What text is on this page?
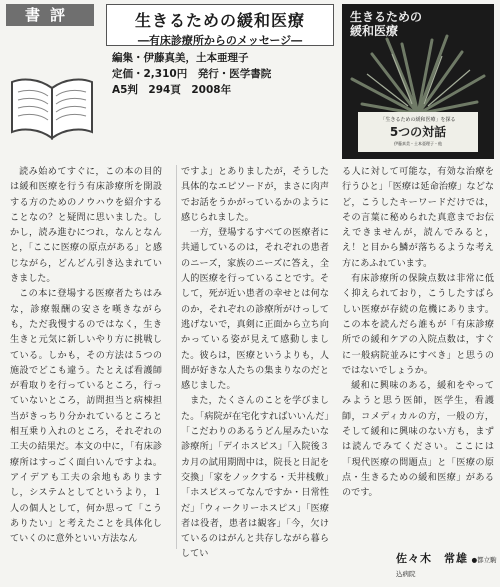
書評	生きるための緩和医療
―有床診療所からのメッセージ―
編集・伊藤真美，土本亜理子
定価・2,310円　発行・医学書院
A5判　294頁　2008年
生きるための
緩和医療
「生きるための緩和医療」を探る
5つの対話
伊藤真美・土本亜理子・他

読み始めてすぐに，この本の目的は緩和医療を行う有床診療所を開設する方のためのノウハウを紹介することなの？と疑問に思いました。しかし，読み進むにつれ，なんとなんと，「ここに医療の原点がある」と感じながら，どんどん引き込まれていきました。

この本に登場する医療者たちはみな，診療報酬の安さを嘆きながらも，ただ我慢するのではなく，生き生きと元気に新しいやり方に挑戦している。しかも，その方法は５つの施設でどこも違う。たとえば看護師が看取りを行っているところ，行っていないところ，訪問担当と病棟担当がきっちり分かれているところと相互乗り入れのところ，それぞれの工夫の結果だ。本文の中に，「有床診療所はすっごく面白いんですよね。アイデアも工夫の余地もありますし，システムとしてというより，１人の個人として，何か思って「こうありたい」と考えたことを具体化していくのに意外といい方法なん

ですよ」とありましたが，そうした具体的なエピソードが，まさに肉声でお話をうかがっているかのように感じられました。

一方，登場するすべての医療者に共通しているのは，それぞれの患者のニーズ，家族のニーズに答え，全人的医療を行っていることです。そして，死が近い患者の幸せとは何なのか，それぞれの診療所がけっして逃げないで，真剣に正面から立ち向かっている姿が見えて感動しました。彼らは，医療というよりも，人間が好きな人たちの集まりなのだと感じました。

また，たくさんのことを学びました。「病院が在宅化すればいいんだ」「こだわりのあるうどん屋みたいな診療所」「デイホスピス」「入院後３カ月の試用期間中は，院長と日記を交換」「家をノックする・天井桟敷」「ホスピスってなんですか・日常性だ」「ウィークリーホスピス」「医療者は役者，患者は観客」「今，欠けているのはがんと共存しながら暮らしてい

る人に対して可能な，有効な治療を行うひと」「医療は延命治療」などなど，こうしたキーワードだけでは，その言葉に秘められた真意までお伝えできませんが，読んでみると，え！と目から鱗が落ちるような考え方にあふれています。

有床診療所の保険点数は非常に低く抑えられており，こうしたすばらしい医療が存続の危機にあります。この本を読んだら誰もが「有床診療所での緩和ケアの入院点数は，すぐに一般病院並みにすべき」と思うのではないでしょうか。

緩和に興味のある，緩和をやってみようと思う医師，医学生，看護師，コメディカルの方，一般の方，そして緩和に興味のない方も，まずは読んでみてください。ここには「現代医療の問題点」と「医療の原点・生きるための緩和医療」があるのです。

佐々木　常雄 ●都立駒込病院
